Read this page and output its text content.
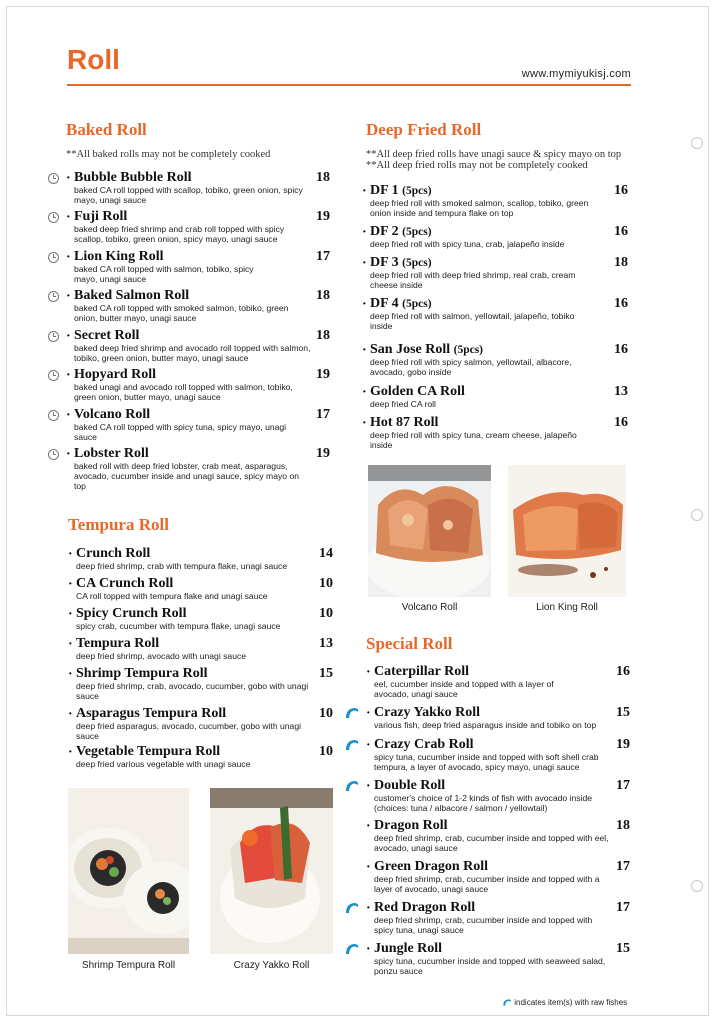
Roll	www.mymiyukisj.com
Baked Roll
**All baked rolls may not be completely cooked
· Bubble Bubble Roll	18
baked CA roll topped with scallop, tobiko, green onion, spicy mayo, unagi sauce
· Fuji Roll	19
baked deep fried shrimp and crab roll topped with spicy scallop, tobiko, green onion, spicy mayo, unagi sauce
· Lion King Roll	17
baked CA roll topped with salmon, tobiko, spicy mayo, unagi sauce
· Baked Salmon Roll	18
baked CA roll topped with smoked salmon, tobiko, green onion, butter mayo, unagi sauce
· Secret Roll	18
baked deep fried shrimp and avocado roll topped with salmon, tobiko, green onion, butter mayo, unagi sauce
· Hopyard Roll	19
baked unagi and avocado roll topped with salmon, tobiko, green onion, butter mayo, unagi sauce
· Volcano Roll	17
baked CA roll topped with spicy tuna, spicy mayo, unagi sauce
· Lobster Roll	19
baked roll with deep fried lobster, crab meat, asparagus, avocado, cucumber inside and unagi sauce, spicy mayo on top
Tempura Roll
· Crunch Roll	14
deep fried shrimp, crab with tempura flake, unagi sauce
· CA Crunch Roll	10
CA roll topped with tempura flake and unagi sauce
· Spicy Crunch Roll	10
spicy crab, cucumber with tempura flake, unagi sauce
· Tempura Roll	13
deep fried shrimp, avocado with unagi sauce
· Shrimp Tempura Roll	15
deep fried shrimp, crab, avocado, cucumber, gobo with unagi sauce
· Asparagus Tempura Roll	10
deep fried asparagus, avocado, cucumber, gobo with unagi sauce
· Vegetable Tempura Roll	10
deep fried various vegetable with unagi sauce
Shrimp Tempura Roll	Crazy Yakko Roll
Deep Fried Roll
**All deep fried rolls have unagi sauce & spicy mayo on top
**All deep fried rolls may not be completely cooked
· DF 1 (5pcs)	16
deep fried roll with smoked salmon, scallop, tobiko, green onion inside and tempura flake on top
· DF 2 (5pcs)	16
deep fried roll with spicy tuna, crab, jalapeño inside
· DF 3 (5pcs)	18
deep fried roll with deep fried shrimp, real crab, cream cheese inside
· DF 4 (5pcs)	16
deep fried roll with salmon, yellowtail, jalapeño, tobiko inside
· San Jose Roll (5pcs)	16
deep fried roll with spicy salmon, yellowtail, albacore, avocado, gobo inside
· Golden CA Roll	13
deep fried CA roll
· Hot 87 Roll	16
deep fried roll with spicy tuna, cream cheese, jalapeño inside
Volcano Roll	Lion King Roll
Special Roll
· Caterpillar Roll	16
eel, cucumber inside and topped with a layer of avocado, unagi sauce
· Crazy Yakko Roll	15
various fish, deep fried asparagus inside and tobiko on top
· Crazy Crab Roll	19
spicy tuna, cucumber inside and topped with soft shell crab tempura, a layer of avocado, spicy mayo, unagi sauce
· Double Roll	17
customer's choice of 1-2 kinds of fish with avocado inside (choices: tuna / albacore / salmon / yellowtail)
· Dragon Roll	18
deep fried shrimp, crab, cucumber inside and topped with eel, avocado, unagi sauce
· Green Dragon Roll	17
deep fried shrimp, crab, cucumber inside and topped with a layer of avocado, unagi sauce
· Red Dragon Roll	17
deep fried shrimp, crab, cucumber inside and topped with spicy tuna, unagi sauce
· Jungle Roll	15
spicy tuna, cucumber inside and topped with seaweed salad, ponzu sauce
indicates item(s) with raw fishes
